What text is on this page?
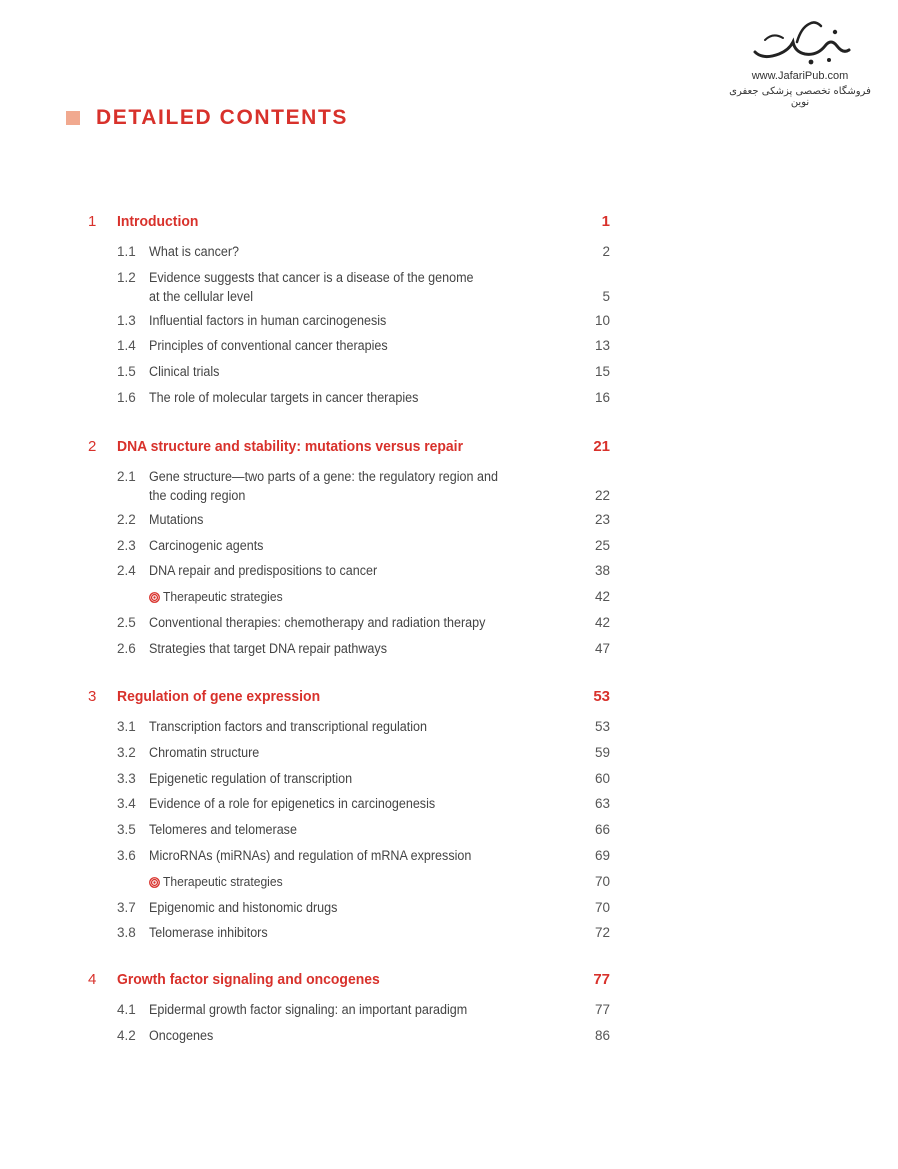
www.JafariPub.com
فروشگاه تخصصی پزشکی جعفری نوین
DETAILED CONTENTS
1 Introduction	1
1.1 What is cancer?	2
1.2 Evidence suggests that cancer is a disease of the genome
at the cellular level	5
1.3 Influential factors in human carcinogenesis	10
1.4 Principles of conventional cancer therapies	13
1.5 Clinical trials	15
1.6 The role of molecular targets in cancer therapies	16
2 DNA structure and stability: mutations versus repair	21
2.1 Gene structure—two parts of a gene: the regulatory region and
the coding region	22
2.2 Mutations	23
2.3 Carcinogenic agents	25
2.4 DNA repair and predispositions to cancer	38
Therapeutic strategies	42
2.5 Conventional therapies: chemotherapy and radiation therapy	42
2.6 Strategies that target DNA repair pathways	47
3 Regulation of gene expression	53
3.1 Transcription factors and transcriptional regulation	53
3.2 Chromatin structure	59
3.3 Epigenetic regulation of transcription	60
3.4 Evidence of a role for epigenetics in carcinogenesis	63
3.5 Telomeres and telomerase	66
3.6 MicroRNAs (miRNAs) and regulation of mRNA expression	69
Therapeutic strategies	70
3.7 Epigenomic and histonomic drugs	70
3.8 Telomerase inhibitors	72
4 Growth factor signaling and oncogenes	77
4.1 Epidermal growth factor signaling: an important paradigm	77
4.2 Oncogenes	86
